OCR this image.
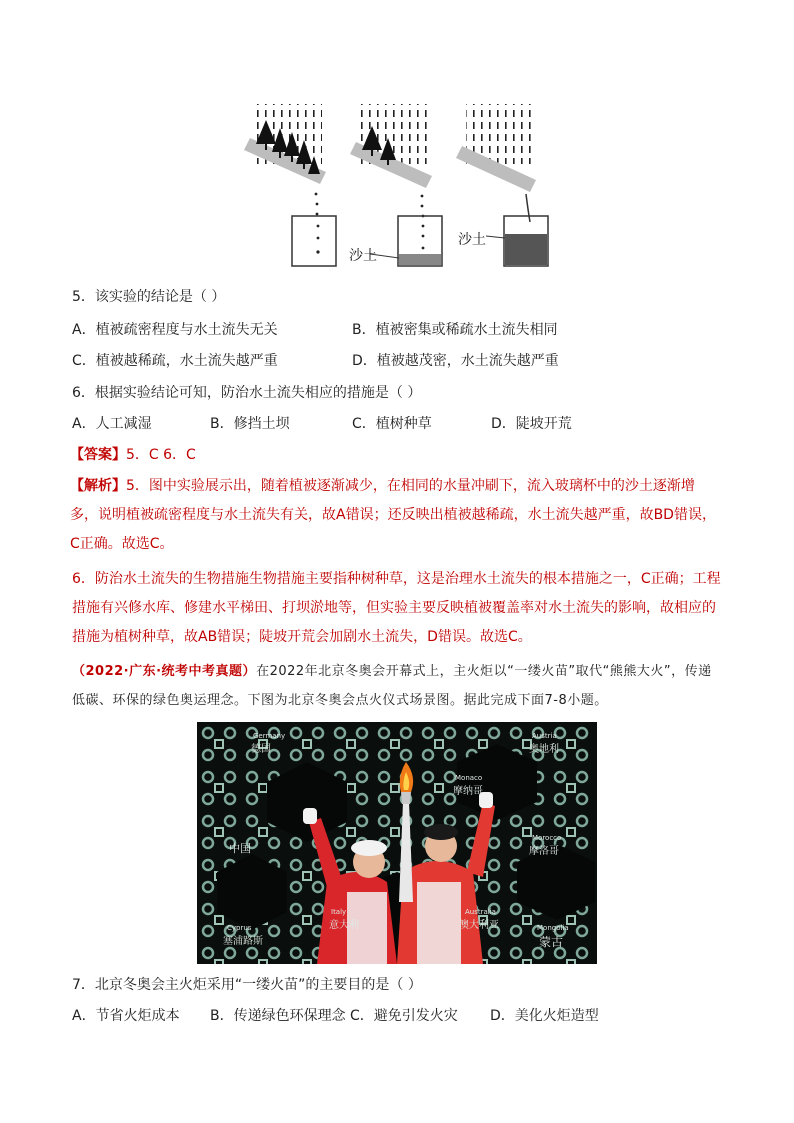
沙土
沙土
5．该实验的结论是（ ）
A．植被疏密程度与水土流失无关	B．植被密集或稀疏水土流失相同
C．植被越稀疏，水土流失越严重	D．植被越茂密，水土流失越严重
6．根据实验结论可知，防治水土流失相应的措施是（ ）
A．人工减湿	B．修挡土坝	C．植树种草	D．陡坡开荒
【答案】5．C 6．C
【解析】5．图中实验展示出，随着植被逐渐减少，在相同的水量冲刷下，流入玻璃杯中的沙土逐渐增多，说明植被疏密程度与水土流失有关，故A错误；还反映出植被越稀疏，水土流失越严重，故BD错误，C正确。故选C。
6．防治水土流失的生物措施生物措施主要指种树种草，这是治理水土流失的根本措施之一，C正确；工程措施有兴修水库、修建水平梯田、打坝淤地等，但实验主要反映植被覆盖率对水土流失的影响，故相应的措施为植树种草，故AB错误；陡坡开荒会加剧水土流失，D错误。故选C。
（2022·广东·统考中考真题）在2022年北京冬奥会开幕式上，主火炬以“一缕火苗”取代“熊熊大火”，传递低碳、环保的绿色奥运理念。下图为北京冬奥会点火仪式场景图。据此完成下面7-8小题。
Germany
德国
Monaco
摩纳哥
Austria
奥地利
Morocco
摩洛哥
中国
Italy
意大利
Australia
澳大利亚
Cyprus
塞浦路斯
Mongolia
蒙古
7．北京冬奥会主火炬采用“一缕火苗”的主要目的是（ ）
A．节省火炬成本 B．传递绿色环保理念 C．避免引发火灾 D．美化火炬造型
